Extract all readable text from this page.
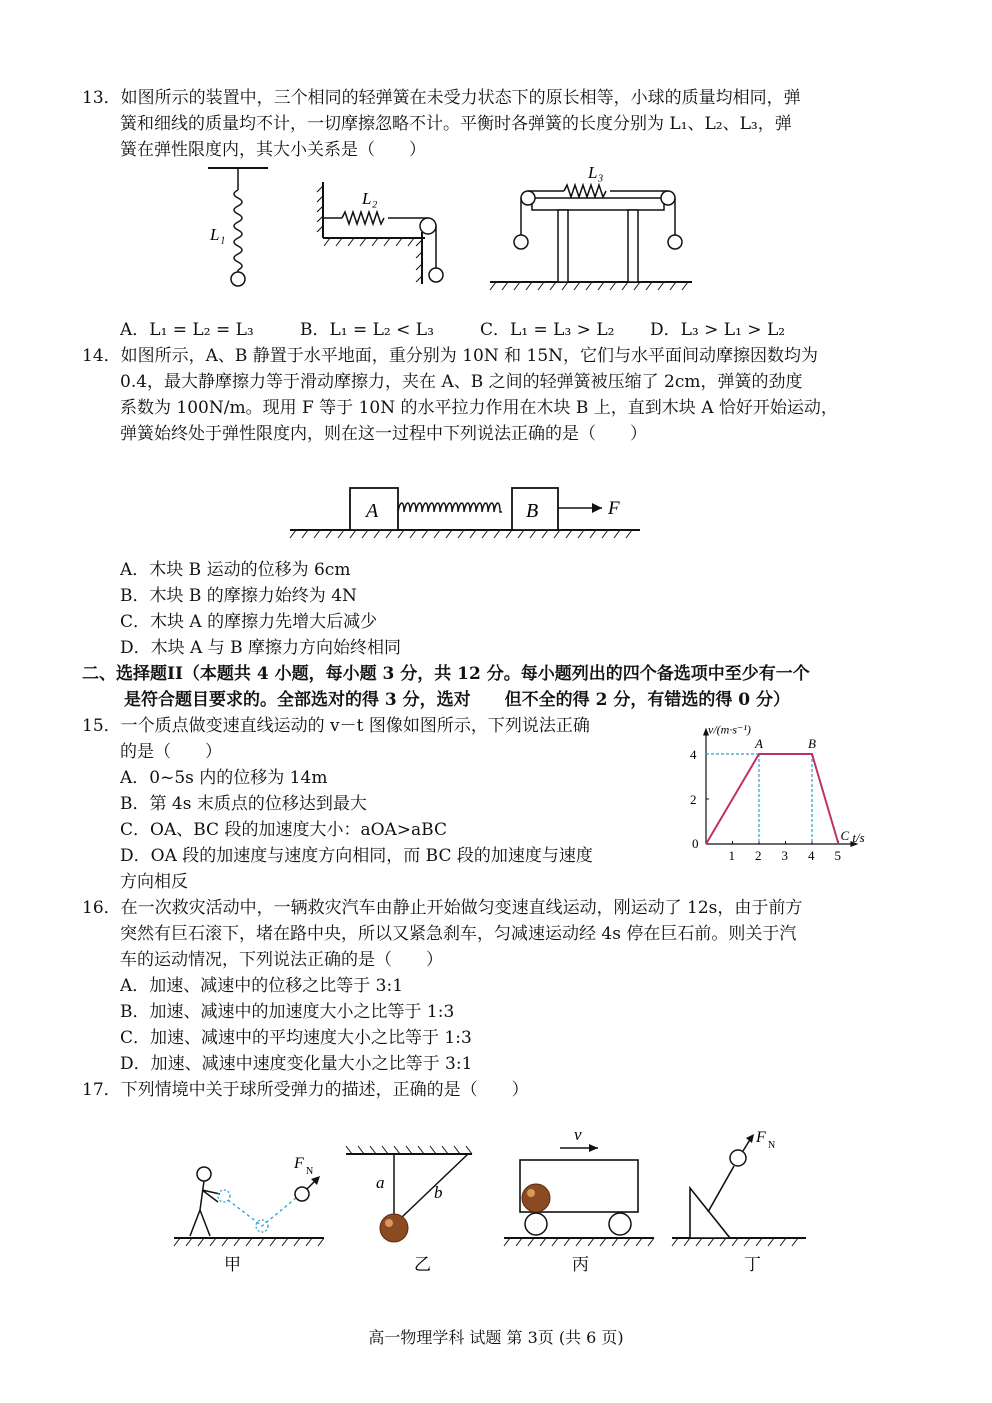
13．如图所示的装置中，三个相同的轻弹簧在未受力状态下的原长相等，小球的质量均相同，弹
簧和细线的质量均不计，一切摩擦忽略不计。平衡时各弹簧的长度分别为 L₁、L₂、L₃，弹
簧在弹性限度内，其大小关系是（　　）
L₁
L₂
L₃
A．L₁ = L₂ = L₃	B．L₁ = L₂ < L₃	C．L₁ = L₃ > L₂ D．L₃ > L₁ > L₂
14．如图所示，A、B 静置于水平地面，重分别为 10N 和 15N，它们与水平面间动摩擦因数均为
0.4，最大静摩擦力等于滑动摩擦力，夹在 A、B 之间的轻弹簧被压缩了 2cm，弹簧的劲度
系数为 100N/m。现用 F 等于 10N 的水平拉力作用在木块 B 上，直到木块 A 恰好开始运动，
弹簧始终处于弹性限度内，则在这一过程中下列说法正确的是（　　）
A	B	F
A．木块 B 运动的位移为 6cm
B．木块 B 的摩擦力始终为 4N
C．木块 A 的摩擦力先增大后减少
D．木块 A 与 B 摩擦力方向始终相同
二、选择题II（本题共 4 小题，每小题 3 分，共 12 分。每小题列出的四个备选项中至少有一个
是符合题目要求的。全部选对的得 3 分，选对　　但不全的得 2 分，有错选的得 0 分）
15．一个质点做变速直线运动的 v－t 图像如图所示，下列说法正确
的是（　　）
A．0~5s 内的位移为 14m
B．第 4s 末质点的位移达到最大
C．OA、BC 段的加速度大小：aOA>aBC
D．OA 段的加速度与速度方向相同，而 BC 段的加速度与速度
方向相反
t/s
v/(m·s⁻¹)
0
1 2 3 4 5
2
4
A	B
C
16．在一次救灾活动中，一辆救灾汽车由静止开始做匀变速直线运动，刚运动了 12s，由于前方
突然有巨石滚下，堵在路中央，所以又紧急刹车，匀减速运动经 4s 停在巨石前。则关于汽
车的运动情况，下列说法正确的是（　　）
A．加速、减速中的位移之比等于 3:1
B．加速、减速中的加速度大小之比等于 1:3
C．加速、减速中的平均速度大小之比等于 1:3
D．加速、减速中速度变化量大小之比等于 3:1
17．下列情境中关于球所受弹力的描述，正确的是（　　）
F N
甲
a
b
乙
v
丙
F N
丁
高一物理学科 试题 第 3页 (共 6 页)
